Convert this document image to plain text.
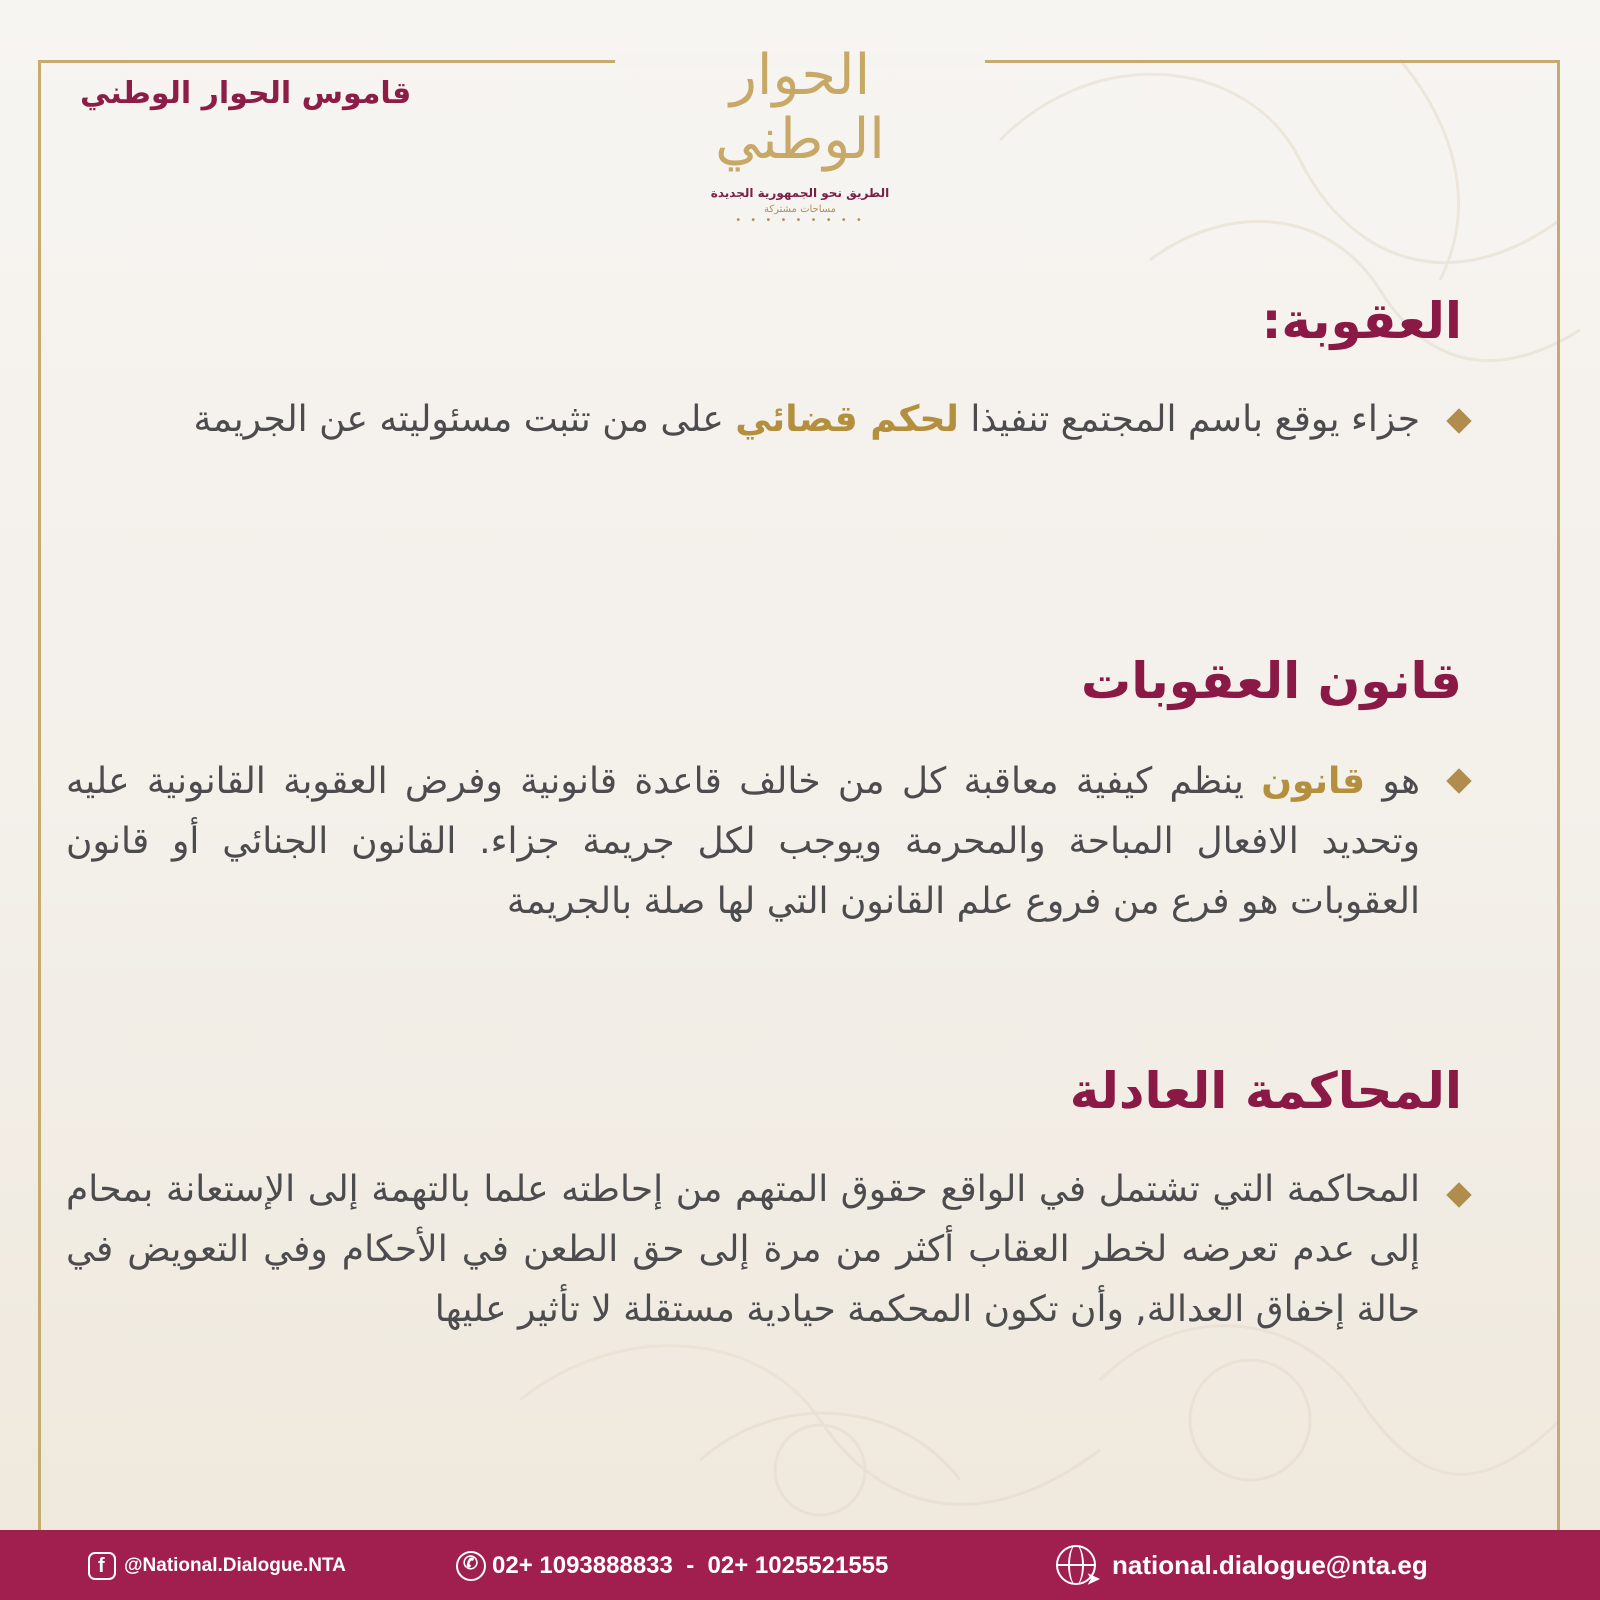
الحوار الوطني
الطريق نحو الجمهورية الجديدة
مساحات مشتركة
• • • • • • • • •
قاموس الحوار الوطني
العقوبة:
جزاء يوقع باسم المجتمع تنفيذا لحكم قضائي على من تثبت مسئوليته عن الجريمة
قانون العقوبات
هو قانون ينظم كيفية معاقبة كل من خالف قاعدة قانونية وفرض العقوبة القانونية عليه وتحديد الافعال المباحة والمحرمة ويوجب لكل جريمة جزاء. القانون الجنائي أو قانون العقوبات هو فرع من فروع علم القانون التي لها صلة بالجريمة
المحاكمة العادلة
المحاكمة التي تشتمل في الواقع حقوق المتهم من إحاطته علما بالتهمة إلى الإستعانة بمحام إلى عدم تعرضه لخطر العقاب أكثر من مرة إلى حق الطعن في الأحكام وفي التعويض في حالة إخفاق العدالة, وأن تكون المحكمة حيادية مستقلة لا تأثير عليها
f @National.Dialogue.NTA
✆	02+ 1093888833  -  02+ 1025521555
➤ national.dialogue@nta.eg
